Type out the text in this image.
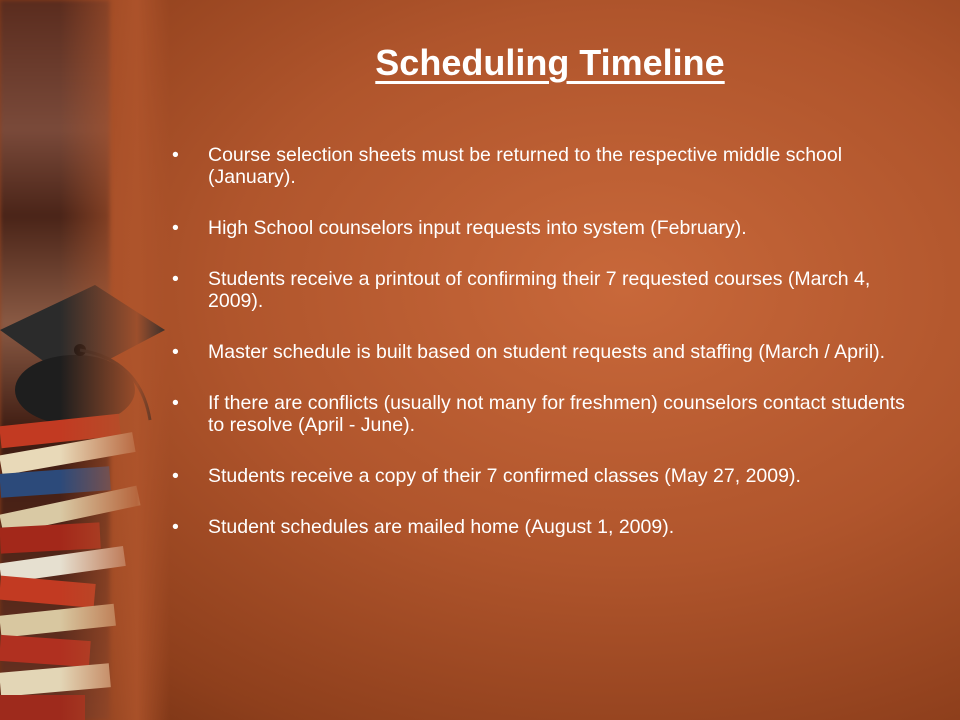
Scheduling Timeline
•	Course selection sheets must be returned to the respective middle school (January).
•	High School counselors input requests into system (February).
•	Students receive a printout of confirming their 7 requested courses (March 4, 2009).
•	Master schedule is built based on student requests and staffing (March / April).
•	If there are conflicts (usually not many for freshmen) counselors contact students to resolve (April - June).
•	Students receive a copy of their 7 confirmed classes (May 27, 2009).
•	Student schedules are mailed home (August 1, 2009).
